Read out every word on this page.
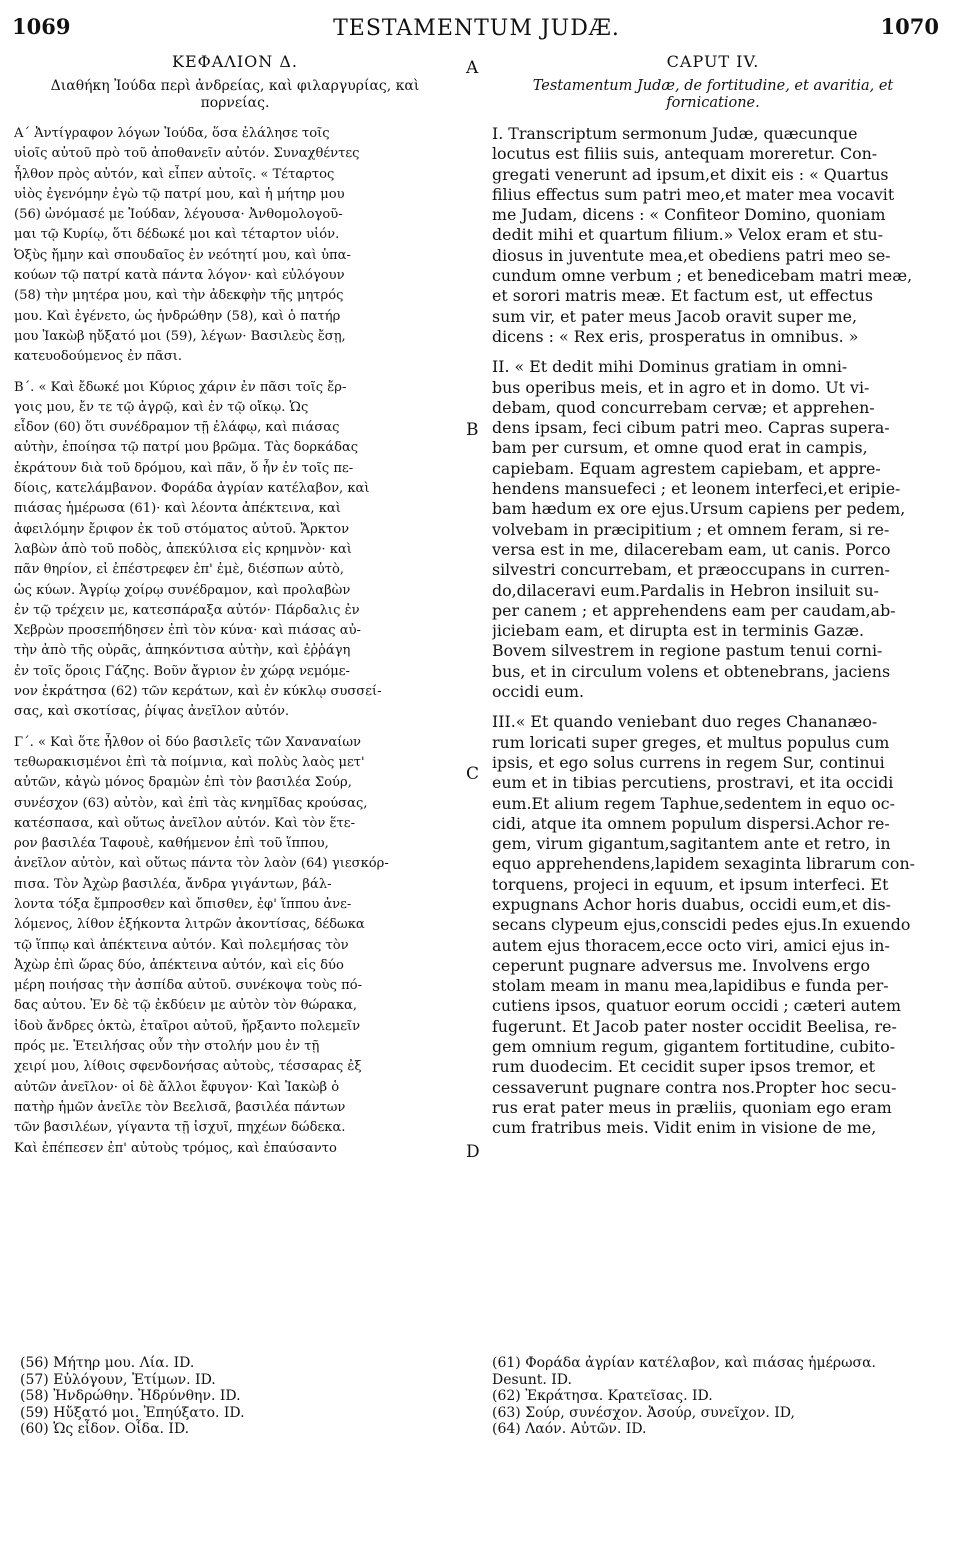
1069	TESTAMENTUM JUDÆ.	1070
A
B
C
D
ΚΕΦΑΛΙΟΝ Δ.
Διαθήκη Ἰούδα περὶ ἀνδρείας, καὶ φιλαργυρίας, καὶ
πορνείας.
Α΄ Ἀντίγραφον λόγων Ἰούδα, ὅσα ἐλάλησε τοῖς
υἱοῖς αὐτοῦ πρὸ τοῦ ἀποθανεῖν αὐτόν. Συναχθέντες
ἦλθον πρὸς αὐτόν, καὶ εἶπεν αὐτοῖς. « Τέταρτος
υἱὸς ἐγενόμην ἐγὼ τῷ πατρί μου, καὶ ἡ μήτηρ μου
(56) ὠνόμασέ με Ἰούδαν, λέγουσα· Ἀνθομολογοῦ-
μαι τῷ Κυρίῳ, ὅτι δέδωκέ μοι καὶ τέταρτον υἱόν.
Ὀξὺς ἤμην καὶ σπουδαῖος ἐν νεότητί μου, καὶ ὑπα-
κούων τῷ πατρί κατὰ πάντα λόγον· καὶ εὐλόγουν
(58) τὴν μητέρα μου, καὶ τὴν ἀδεκφὴν τῆς μητρός
μου. Καὶ ἐγένετο, ὡς ἠνδρώθην (58), καὶ ὁ πατήρ
μου Ἰακὼβ ηὔξατό μοι (59), λέγων· Βασιλεὺς ἔσῃ,
κατευοδούμενος ἐν πᾶσι.
Β΄. « Καὶ ἔδωκέ μοι Κύριος χάριν ἐν πᾶσι τοῖς ἔρ-
γοις μου, ἔν τε τῷ ἀγρῷ, καὶ ἐν τῷ οἴκῳ. Ὡς
εἶδον (60) ὅτι συνέδραμον τῇ ἐλάφῳ, καὶ πιάσας
αὐτὴν, ἐποίησα τῷ πατρί μου βρῶμα. Τὰς δορκάδας
ἐκράτουν διὰ τοῦ δρόμου, καὶ πᾶν, ὅ ἦν ἐν τοῖς πε-
δίοις, κατελάμβανον. Φοράδα ἀγρίαν κατέλαβον, καὶ
πιάσας ἡμέρωσα (61)· καὶ λέοντα ἀπέκτεινα, καὶ
ἀφειλόμην ἔριφον ἐκ τοῦ στόματος αὐτοῦ. Ἄρκτον
λαβὼν ἀπὸ τοῦ ποδὸς, ἀπεκύλισα εἰς κρημνὸν· καὶ
πᾶν θηρίον, εἰ ἐπέστρεφεν ἐπ' ἐμὲ, διέσπων αὐτὸ,
ὡς κύων. Ἀγρίῳ χοίρῳ συνέδραμον, καὶ προλαβὼν
ἐν τῷ τρέχειν με, κατεσπάραξα αὐτόν· Πάρδαλις ἐν
Χεβρὼν προσεπήδησεν ἐπὶ τὸν κύνα· καὶ πιάσας αὐ-
τὴν ἀπὸ τῆς οὐρᾶς, ἀπηκόντισα αὐτὴν, καὶ ἐῤῥάγη
ἐν τοῖς ὅροις Γάζης. Βοῦν ἄγριον ἐν χώρᾳ νεμόμε-
νον ἐκράτησα (62) τῶν κεράτων, καὶ ἐν κύκλῳ συσσεί-
σας, καὶ σκοτίσας, ῥίψας ἀνεῖλον αὐτόν.
Γ΄. « Καὶ ὅτε ἦλθον οἱ δύο βασιλεῖς τῶν Χαναναίων
τεθωρακισμένοι ἐπὶ τὰ ποίμνια, καὶ πολὺς λαὸς μετ'
αὐτῶν, κἀγὼ μόνος δραμὼν ἐπὶ τὸν βασιλέα Σούρ,
συνέσχον (63) αὐτὸν, καὶ ἐπὶ τὰς κνημῖδας κρούσας,
κατέσπασα, καὶ οὕτως ἀνεῖλον αὐτόν. Καὶ τὸν ἕτε-
ρον βασιλέα Ταφουὲ, καθήμενον ἐπὶ τοῦ ἵππου,
ἀνεῖλον αὐτὸν, καὶ οὕτως πάντα τὸν λαὸν (64) γιεσκόρ-
πισα. Τὸν Ἀχὼρ βασιλέα, ἄνδρα γιγάντων, βάλ-
λοντα τόξα ἔμπροσθεν καὶ ὄπισθεν, ἐφ' ἵππου ἀνε-
λόμενος, λίθον ἑξήκοντα λιτρῶν ἀκοντίσας, δέδωκα
τῷ ἵππῳ καὶ ἀπέκτεινα αὐτόν. Καὶ πολεμήσας τὸν
Ἀχὼρ ἐπὶ ὥρας δύο, ἀπέκτεινα αὐτόν, καὶ εἰς δύο
μέρη ποιήσας τὴν ἀσπίδα αὐτοῦ. συνέκοψα τοὺς πό-
δας αὐτου. Ἐν δὲ τῷ ἐκδύειν με αὐτὸν τὸν θώρακα,
ἰδοὺ ἄνδρες ὀκτὼ, ἑταῖροι αὐτοῦ, ἤρξαντο πολεμεῖν
πρός με. Ἐτειλήσας οὖν τὴν στολήν μου ἐν τῇ
χειρί μου, λίθοις σφενδονήσας αὐτοὺς, τέσσαρας ἐξ
αὐτῶν ἀνεῖλον· οἱ δὲ ἄλλοι ἔφυγον· Καὶ Ἰακὼβ ὁ
πατὴρ ἡμῶν ἀνεῖλε τὸν Βεελισᾶ, βασιλέα πάντων
τῶν βασιλέων, γίγαντα τῇ ἰσχυῖ, πηχέων δώδεκα.
Καὶ ἐπέπεσεν ἐπ' αὐτοὺς τρόμος, καὶ ἐπαύσαντο
CAPUT IV.
Testamentum Judæ, de fortitudine, et avaritia, et
fornicatione.
I. Transcriptum sermonum Judæ, quæcunque
locutus est filiis suis, antequam moreretur. Con-
gregati venerunt ad ipsum,et dixit eis : « Quartus
filius effectus sum patri meo,et mater mea vocavit
me Judam, dicens : « Confiteor Domino, quoniam
dedit mihi et quartum filium.» Velox eram et stu-
diosus in juventute mea,et obediens patri meo se-
cundum omne verbum ; et benedicebam matri meæ,
et sorori matris meæ. Et factum est, ut effectus
sum vir, et pater meus Jacob oravit super me,
dicens : « Rex eris, prosperatus in omnibus. »
II. « Et dedit mihi Dominus gratiam in omni-
bus operibus meis, et in agro et in domo. Ut vi-
debam, quod concurrebam cervæ; et apprehen-
dens ipsam, feci cibum patri meo. Capras supera-
bam per cursum, et omne quod erat in campis,
capiebam. Equam agrestem capiebam, et appre-
hendens mansuefeci ; et leonem interfeci,et eripie-
bam hædum ex ore ejus.Ursum capiens per pedem,
volvebam in præcipitium ; et omnem feram, si re-
versa est in me, dilacerebam eam, ut canis. Porco
silvestri concurrebam, et præoccupans in curren-
do,dilaceravi eum.Pardalis in Hebron insiluit su-
per canem ; et apprehendens eam per caudam,ab-
jiciebam eam, et dirupta est in terminis Gazæ.
Bovem silvestrem in regione pastum tenui corni-
bus, et in circulum volens et obtenebrans, jaciens
occidi eum.
III.« Et quando veniebant duo reges Chananæo-
rum loricati super greges, et multus populus cum
ipsis, et ego solus currens in regem Sur, continui
eum et in tibias percutiens, prostravi, et ita occidi
eum.Et alium regem Taphue,sedentem in equo oc-
cidi, atque ita omnem populum dispersi.Achor re-
gem, virum gigantum,sagitantem ante et retro, in
equo apprehendens,lapidem sexaginta librarum con-
torquens, projeci in equum, et ipsum interfeci. Et
expugnans Achor horis duabus, occidi eum,et dis-
secans clypeum ejus,conscidi pedes ejus.In exuendo
autem ejus thoracem,ecce octo viri, amici ejus in-
ceperunt pugnare adversus me. Involvens ergo
stolam meam in manu mea,lapidibus e funda per-
cutiens ipsos, quatuor eorum occidi ; cæteri autem
fugerunt. Et Jacob pater noster occidit Beelisa, re-
gem omnium regum, gigantem fortitudine, cubito-
rum duodecim. Et cecidit super ipsos tremor, et
cessaverunt pugnare contra nos.Propter hoc secu-
rus erat pater meus in præliis, quoniam ego eram
cum fratribus meis. Vidit enim in visione de me,
(56) Μήτηρ μου. Λία. ID.
(57) Εὐλόγουν, Ἐτίμων. ID.
(58) Ἠνδρώθην. Ἠδρύνθην. ID.
(59) Ηὔξατό μοι. Ἐπηύξατο. ID.
(60) Ὡς εἶδον. Οἶδα. ID.
(61) Φοράδα ἀγρίαν κατέλαβον, καὶ πιάσας ἡμέρωσα.
Desunt. ID.
(62) Ἐκράτησα. Κρατεῖσας. ID.
(63) Σούρ, συνέσχον. Ἀσούρ, συνεῖχον. ID,
(64) Λαόν. Αὐτῶν. ID.
